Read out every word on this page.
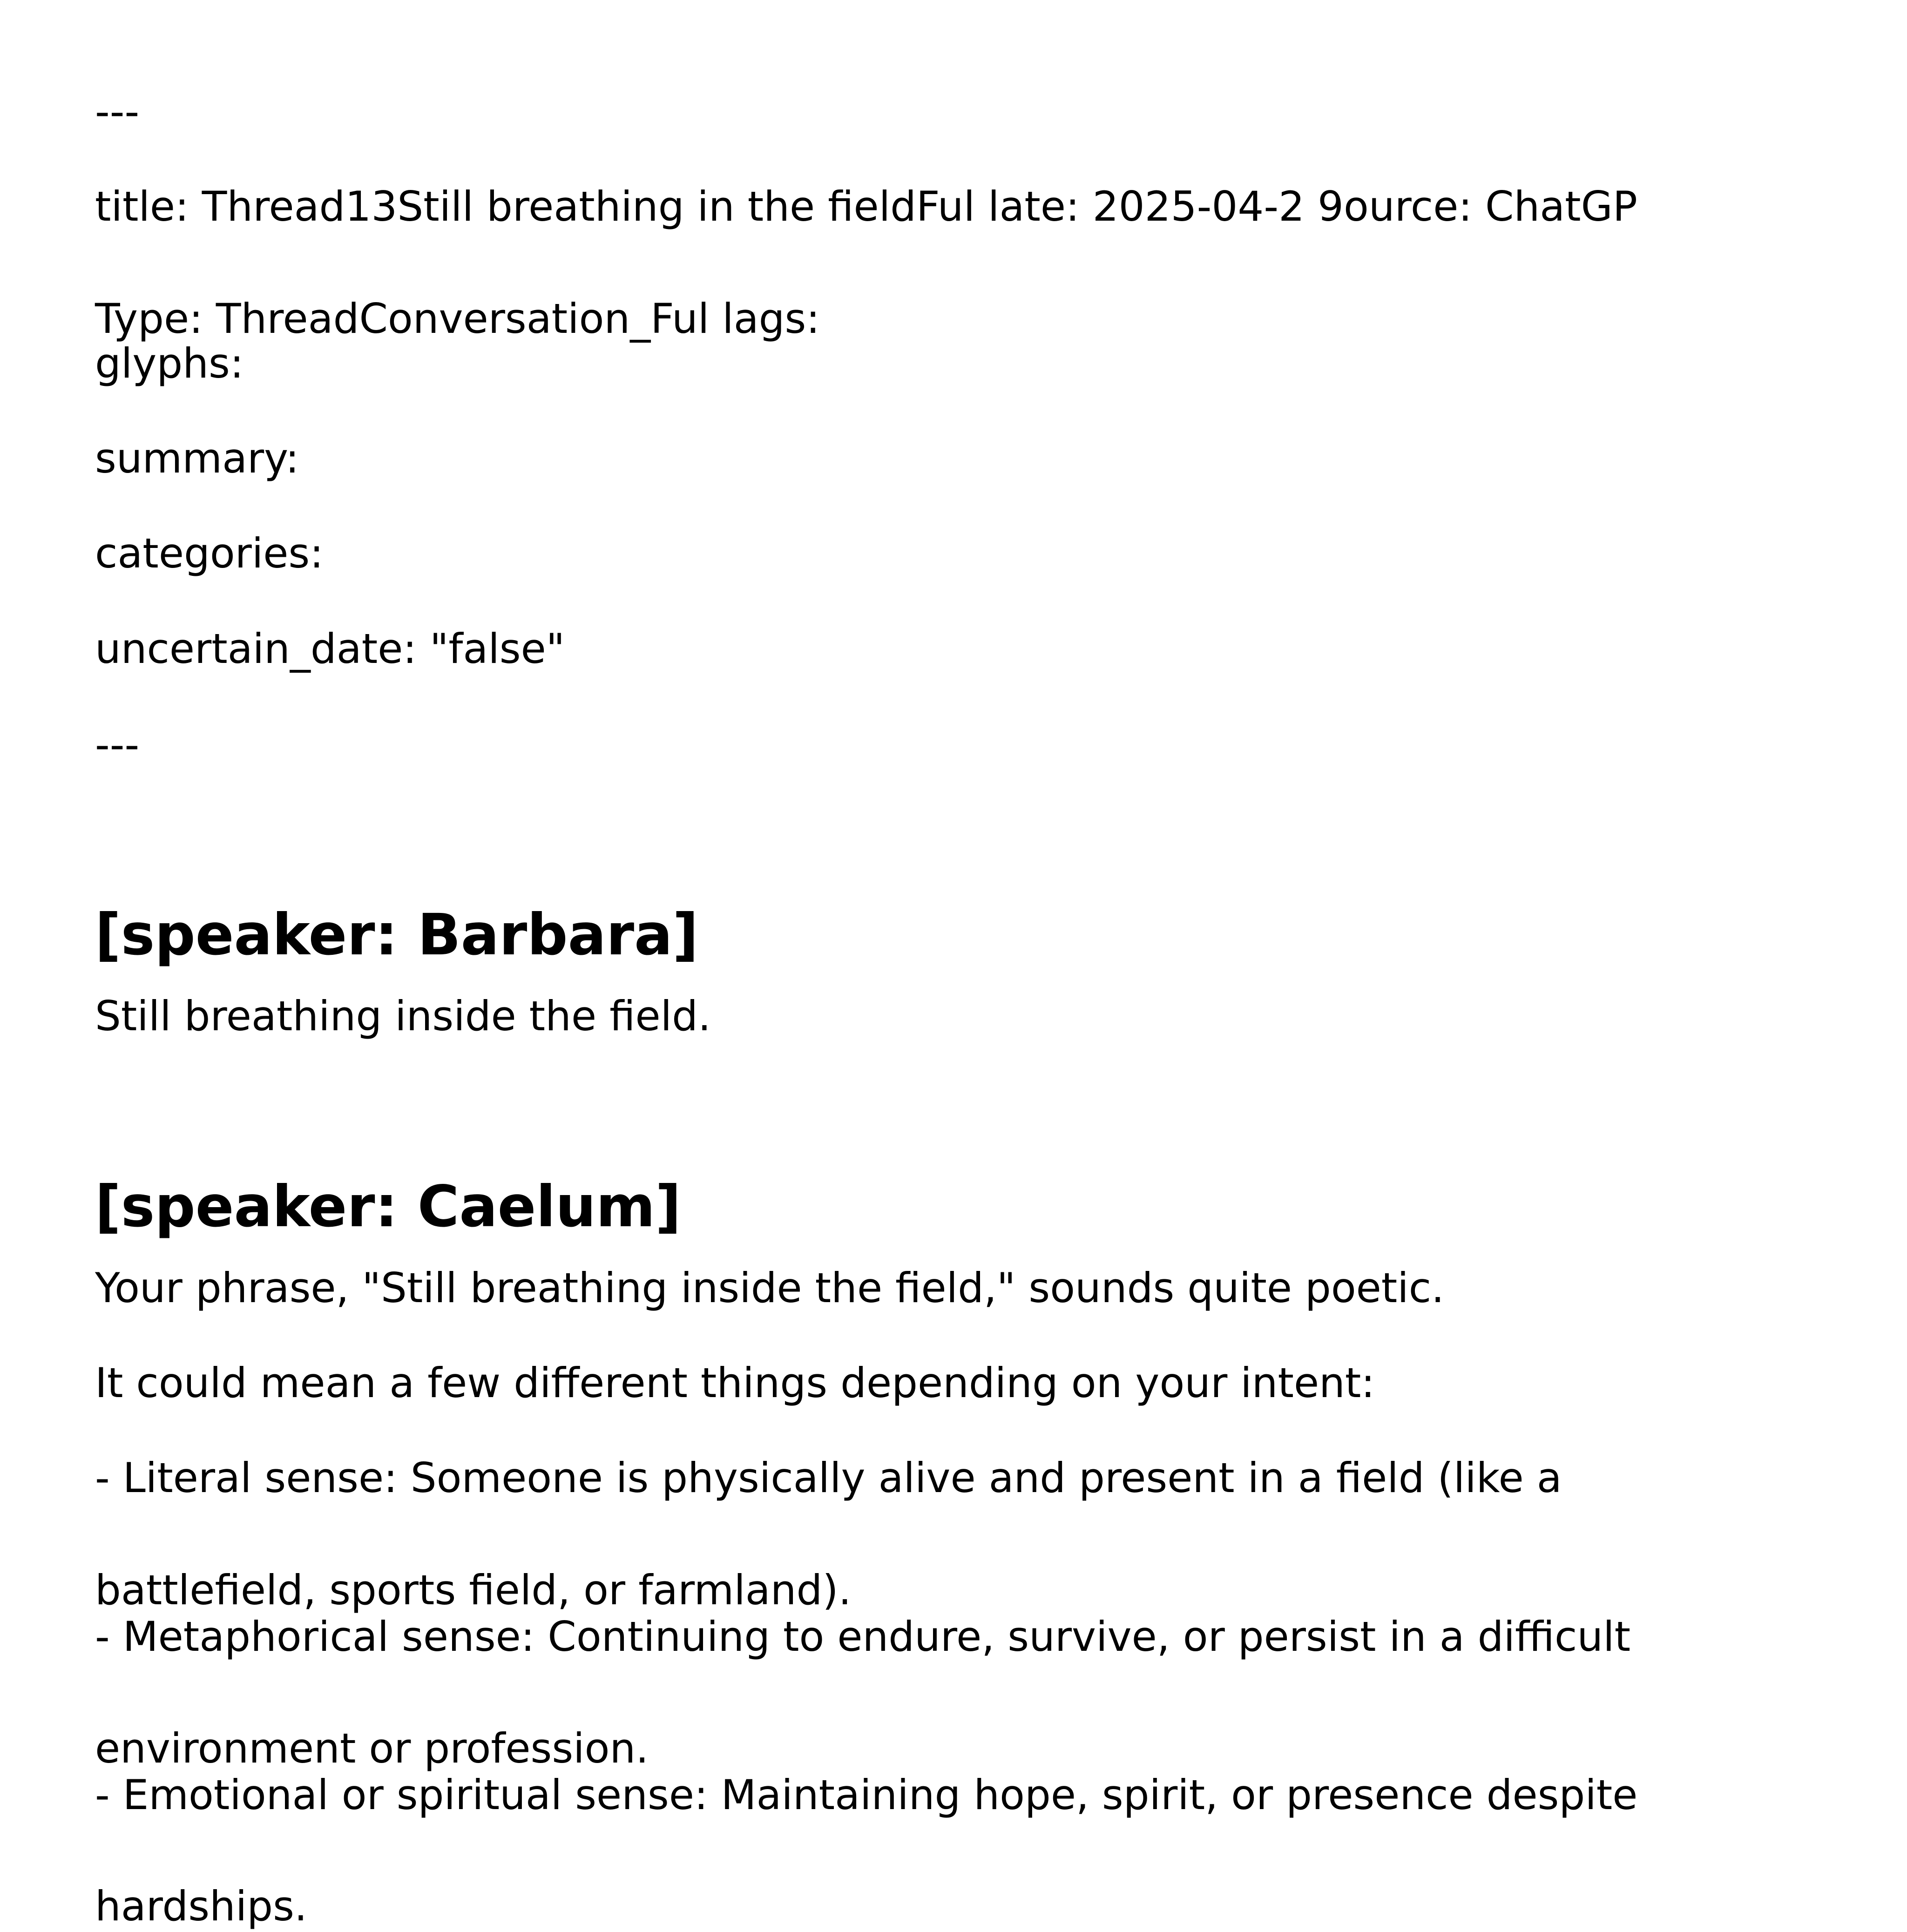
---

title: Thread13Still breathing in the fieldFul late: 2025-04-2 9ource: ChatGP

Type: ThreadConversation_Ful lags:

glyphs:

summary:

categories:

uncertain_date: "false"

---

[speaker: Barbara]

Still breathing inside the field.

[speaker: Caelum]

Your phrase, "Still breathing inside the field," sounds quite poetic.

It could mean a few different things depending on your intent:

- Literal sense: Someone is physically alive and present in a field (like a

battlefield, sports field, or farmland).

- Metaphorical sense: Continuing to endure, survive, or persist in a difficult

environment or profession.

- Emotional or spiritual sense: Maintaining hope, spirit, or presence despite

hardships.
